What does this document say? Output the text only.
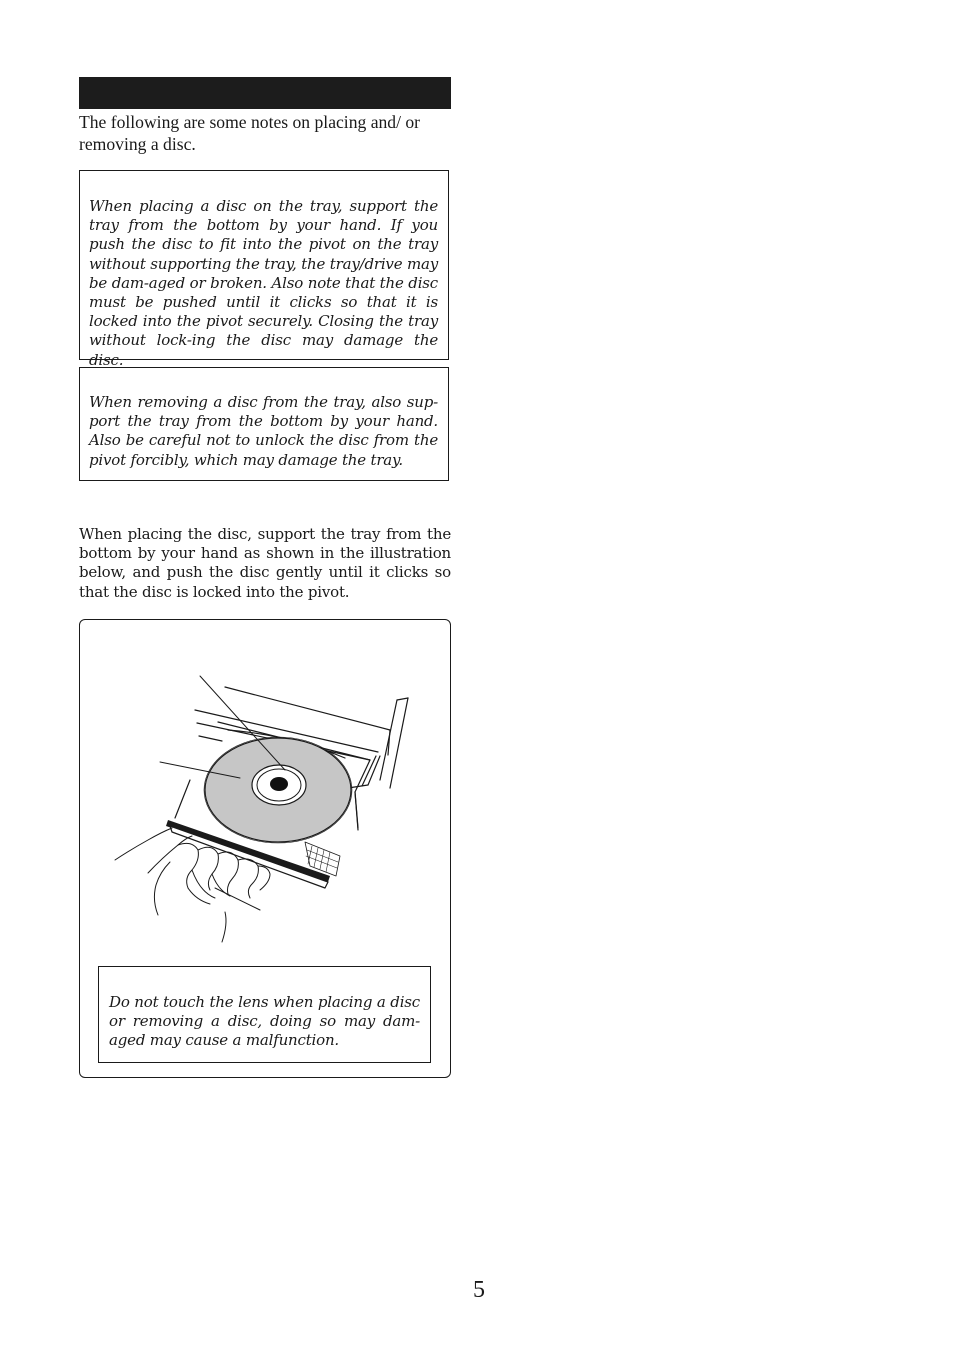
The following are some notes on placing and/ or removing a disc.

When placing a disc on the tray, support the tray from the bottom by your hand. If you push the disc to fit into the pivot on the tray without supporting the tray, the tray/drive may be dam-aged or broken. Also note that the disc must be pushed until it clicks so that it is locked into the pivot securely. Closing the tray without lock-ing the disc may damage the disc.

When removing a disc from the tray, also sup-port the tray from the bottom by your hand. Also be careful not to unlock the disc from the pivot forcibly, which may damage the tray.

When placing the disc, support the tray from the bottom by your hand as shown in the illustration below, and push the disc gently until it clicks so that the disc is locked into the pivot.

Do not touch the lens when placing a disc or removing a disc, doing so may dam-aged may cause a malfunction.

5
